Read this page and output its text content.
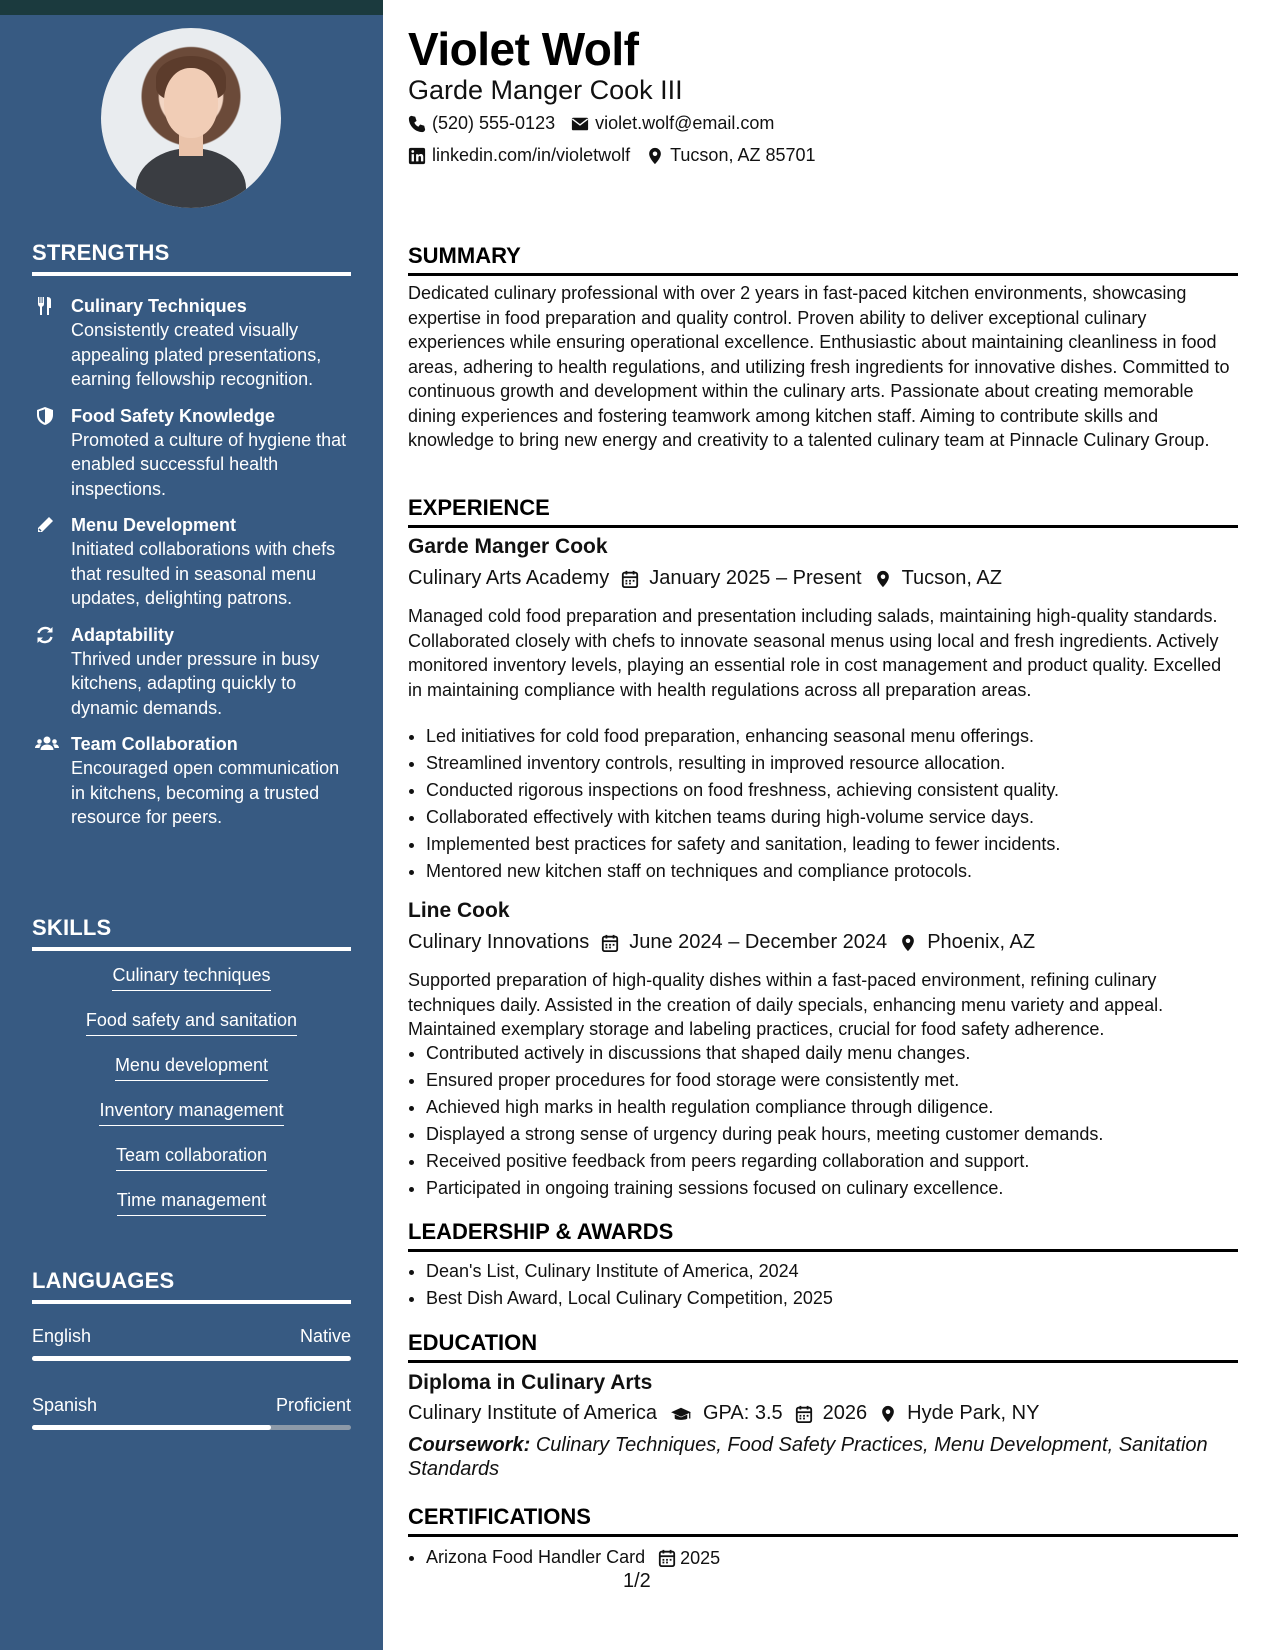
STRENGTHS
Culinary Techniques
Consistently created visually appealing plated presentations, earning fellowship recognition.
Food Safety Knowledge
Promoted a culture of hygiene that enabled successful health inspections.
Menu Development
Initiated collaborations with chefs that resulted in seasonal menu updates, delighting patrons.
Adaptability
Thrived under pressure in busy kitchens, adapting quickly to dynamic demands.
Team Collaboration
Encouraged open communication in kitchens, becoming a trusted resource for peers.
SKILLS
Culinary techniques
Food safety and sanitation
Menu development
Inventory management
Team collaboration
Time management
LANGUAGES
English	Native
Spanish	Proficient
Violet Wolf
Garde Manger Cook III
(520) 555-0123 violet.wolf@email.com
linkedin.com/in/violetwolf Tucson, AZ 85701
SUMMARY
Dedicated culinary professional with over 2 years in fast-paced kitchen environments, showcasing expertise in food preparation and quality control. Proven ability to deliver exceptional culinary experiences while ensuring operational excellence. Enthusiastic about maintaining cleanliness in food areas, adhering to health regulations, and utilizing fresh ingredients for innovative dishes. Committed to continuous growth and development within the culinary arts. Passionate about creating memorable dining experiences and fostering teamwork among kitchen staff. Aiming to contribute skills and knowledge to bring new energy and creativity to a talented culinary team at Pinnacle Culinary Group.
EXPERIENCE
Garde Manger Cook
Culinary Arts Academy January 2025 – Present Tucson, AZ
Managed cold food preparation and presentation including salads, maintaining high-quality standards. Collaborated closely with chefs to innovate seasonal menus using local and fresh ingredients. Actively monitored inventory levels, playing an essential role in cost management and product quality. Excelled in maintaining compliance with health regulations across all preparation areas.
• Led initiatives for cold food preparation, enhancing seasonal menu offerings.
• Streamlined inventory controls, resulting in improved resource allocation.
• Conducted rigorous inspections on food freshness, achieving consistent quality.
• Collaborated effectively with kitchen teams during high-volume service days.
• Implemented best practices for safety and sanitation, leading to fewer incidents.
• Mentored new kitchen staff on techniques and compliance protocols.
Line Cook
Culinary Innovations June 2024 – December 2024 Phoenix, AZ
Supported preparation of high-quality dishes within a fast-paced environment, refining culinary techniques daily. Assisted in the creation of daily specials, enhancing menu variety and appeal. Maintained exemplary storage and labeling practices, crucial for food safety adherence.
• Contributed actively in discussions that shaped daily menu changes.
• Ensured proper procedures for food storage were consistently met.
• Achieved high marks in health regulation compliance through diligence.
• Displayed a strong sense of urgency during peak hours, meeting customer demands.
• Received positive feedback from peers regarding collaboration and support.
• Participated in ongoing training sessions focused on culinary excellence.
LEADERSHIP & AWARDS
• Dean's List, Culinary Institute of America, 2024
• Best Dish Award, Local Culinary Competition, 2025
EDUCATION
Diploma in Culinary Arts
Culinary Institute of America GPA: 3.5 2026 Hyde Park, NY
Coursework: Culinary Techniques, Food Safety Practices, Menu Development, Sanitation Standards
CERTIFICATIONS
• Arizona Food Handler Card 2025
1/2
